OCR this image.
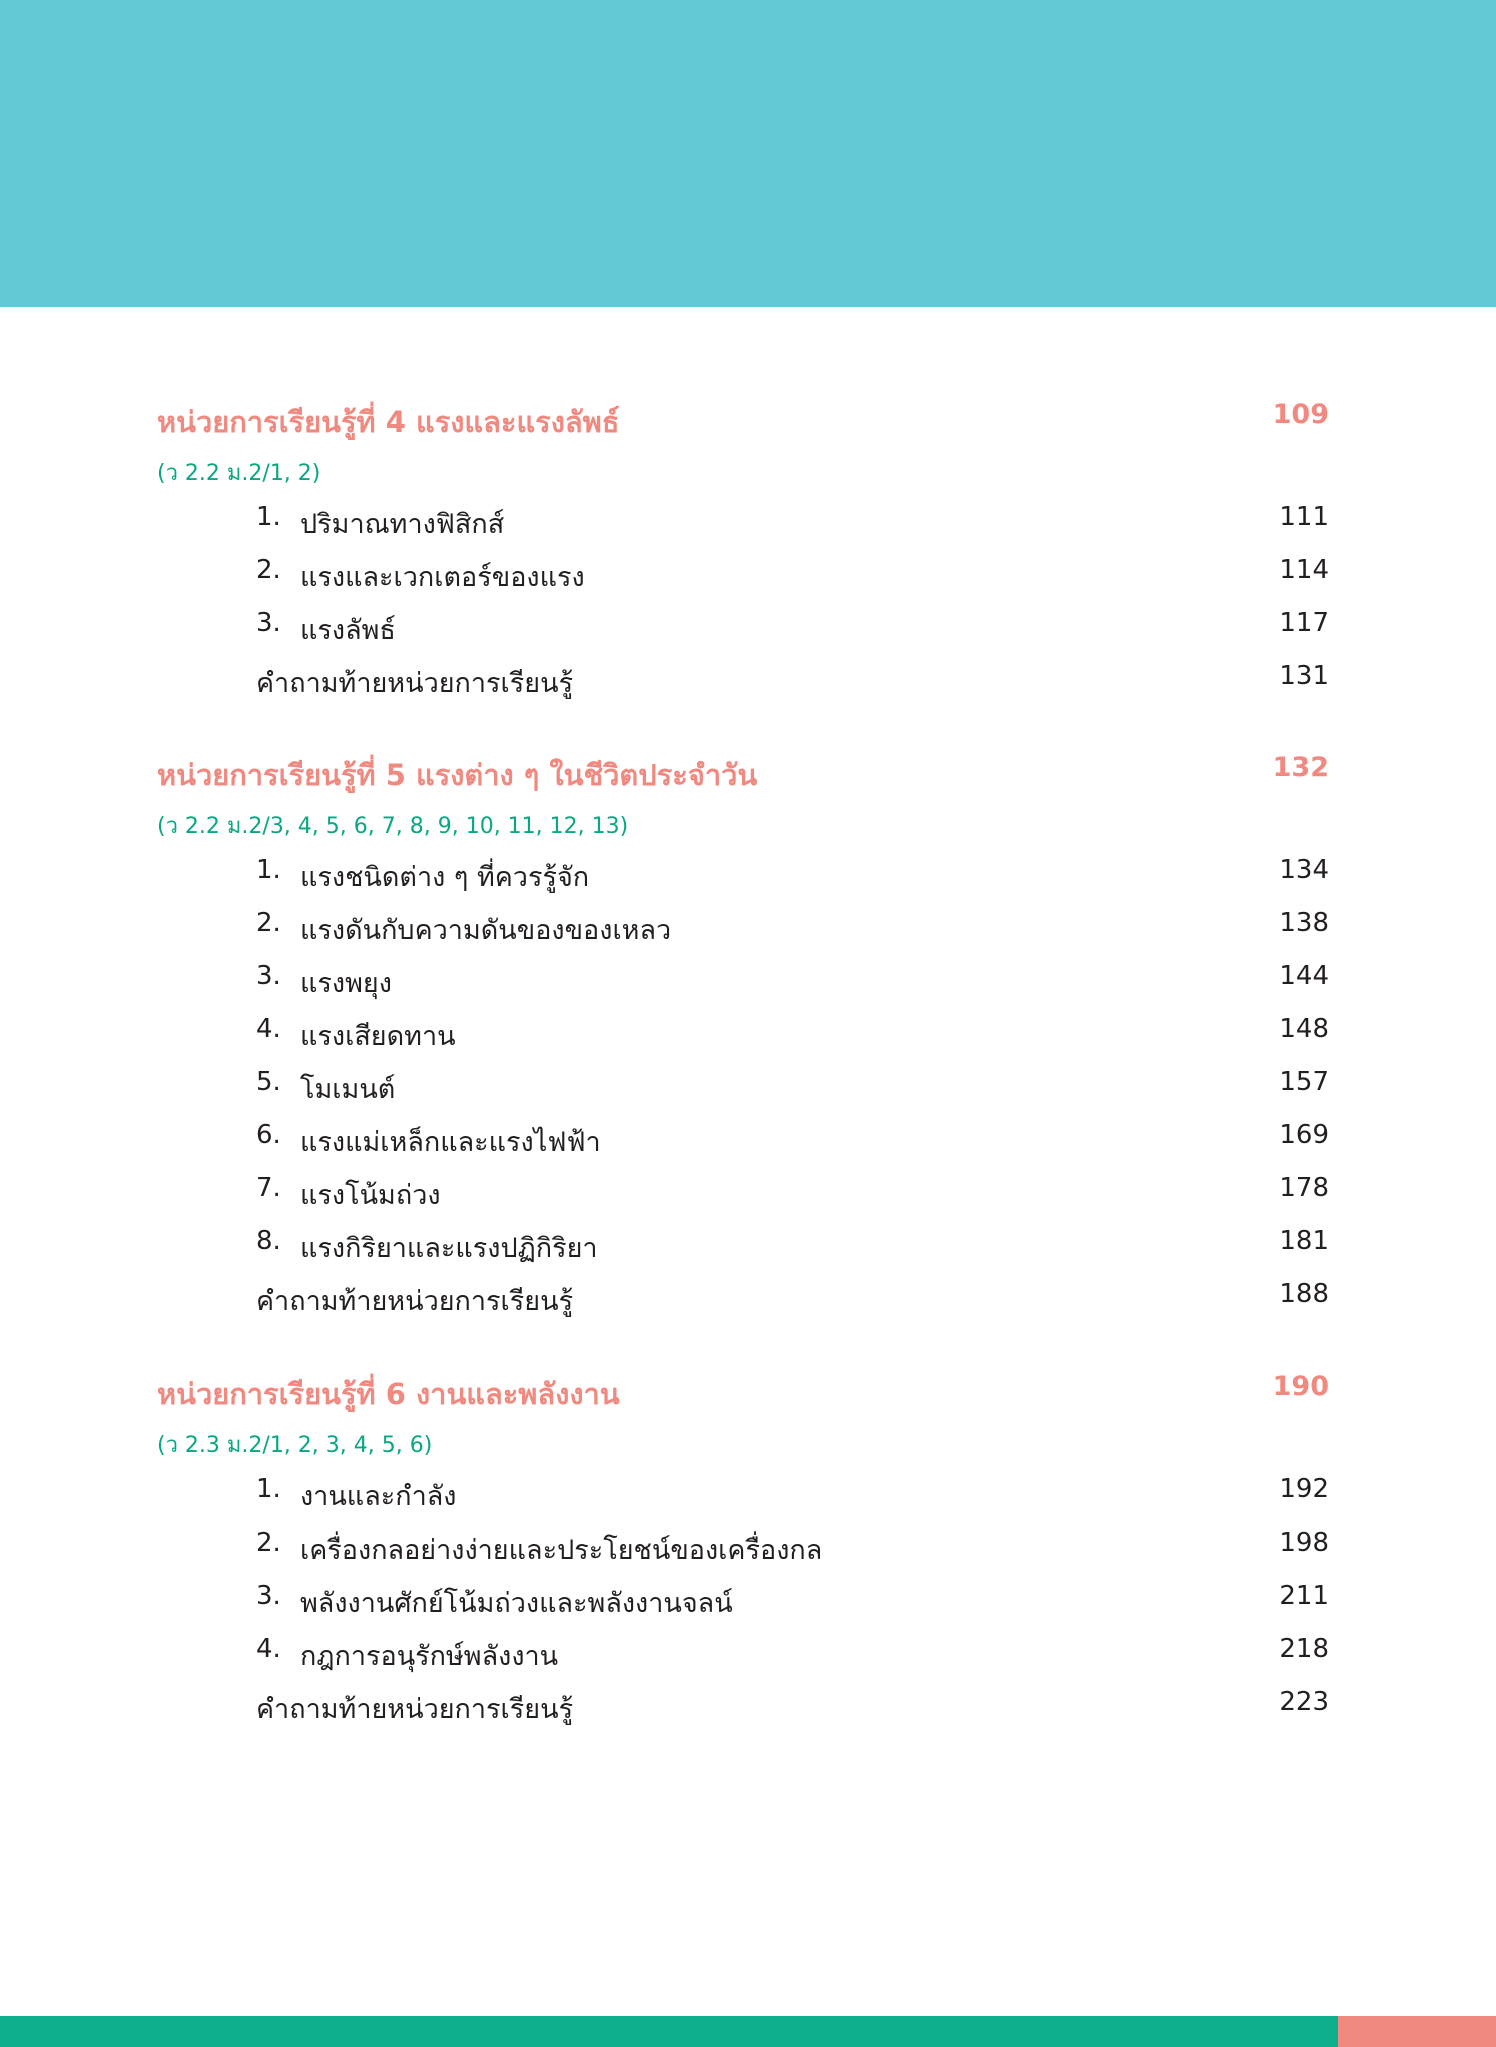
หน่วยการเรียนรู้ที่ 4 แรงและแรงลัพธ์	109
(ว 2.2 ม.2/1, 2)
1. ปริมาณทางฟิสิกส์	111
2. แรงและเวกเตอร์ของแรง	114
3. แรงลัพธ์	117
คำถามท้ายหน่วยการเรียนรู้	131
หน่วยการเรียนรู้ที่ 5 แรงต่าง ๆ ในชีวิตประจำวัน	132
(ว 2.2 ม.2/3, 4, 5, 6, 7, 8, 9, 10, 11, 12, 13)
1. แรงชนิดต่าง ๆ ที่ควรรู้จัก	134
2. แรงดันกับความดันของของเหลว	138
3. แรงพยุง	144
4. แรงเสียดทาน	148
5. โมเมนต์	157
6. แรงแม่เหล็กและแรงไฟฟ้า	169
7. แรงโน้มถ่วง	178
8. แรงกิริยาและแรงปฏิกิริยา	181
คำถามท้ายหน่วยการเรียนรู้	188
หน่วยการเรียนรู้ที่ 6 งานและพลังงาน	190
(ว 2.3 ม.2/1, 2, 3, 4, 5, 6)
1. งานและกำลัง	192
2. เครื่องกลอย่างง่ายและประโยชน์ของเครื่องกล	198
3. พลังงานศักย์โน้มถ่วงและพลังงานจลน์	211
4. กฎการอนุรักษ์พลังงาน	218
คำถามท้ายหน่วยการเรียนรู้	223
